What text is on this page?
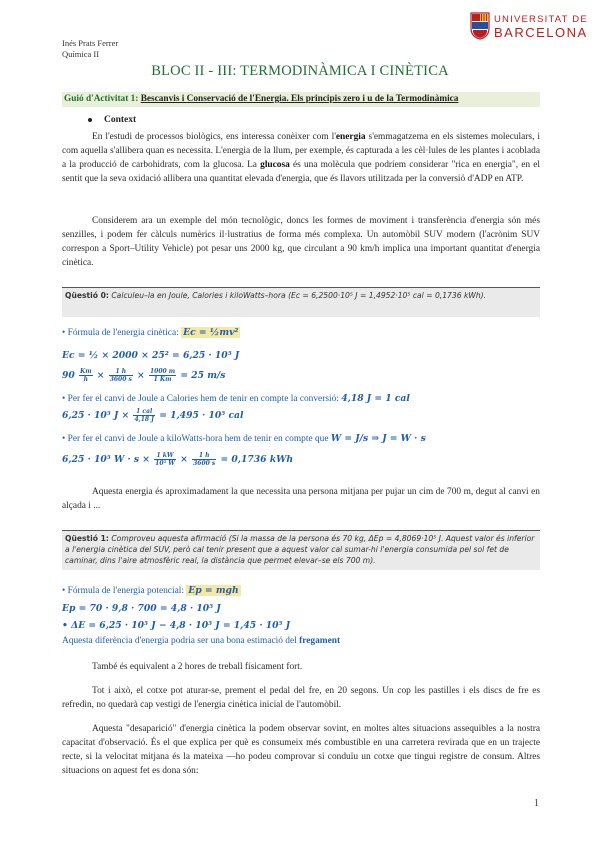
Inés Prats Ferrer
Química II
UNIVERSITAT DE
BARCELONA
BLOC II - III: TERMODINÀMICA I CINÈTICA
Guió d'Activitat 1: Bescanvis i Conservació de l'Energia. Els principis zero i u de la Termodinàmica
Context
En l'estudi de processos biològics, ens interessa conèixer com l'energia s'emmagatzema en els sistemes moleculars, i com aquella s'allibera quan es necessita. L'energia de la llum, per exemple, és capturada a les cèl·lules de les plantes i acoblada a la producció de carbohidrats, com la glucosa. La glucosa és una molècula que podríem considerar "rica en energia", en el sentit que la seva oxidació allibera una quantitat elevada d'energia, que és llavors utilitzada per la conversió d'ADP en ATP.
Considerem ara un exemple del món tecnològic, doncs les formes de moviment i transferència d'energia són més senzilles, i podem fer càlculs numèrics il·lustratius de forma més complexa. Un automòbil SUV modern (l'acrònim SUV correspon a Sport–Utility Vehicle) pot pesar uns 2000 kg, que circulant a 90 km/h implica una important quantitat d'energia cinètica.
Qüestió 0: Calculeu–la en Joule, Calories i kiloWatts–hora (Ec = 6,2500·10⁵ J = 1,4952·10⁵ cal = 0,1736 kWh).
• Fórmula de l'energia cinètica: Ec = ½mv²
Ec = ½ × 2000 × 25² = 6,25 · 10⁵ J
$90 \frac{Km}{h} \times \frac{1 h}{3600 s} \times \frac{1000 m}{1 Km} = 25$ m/s
• Per fer el canvi de Joule a Calories hem de tenir en compte la conversió: 4,18 J = 1 cal
6,25 · 10⁵ $J \times \frac{\text{1 cal}}{4,18 J} = 1,495 \cdot 10^5$ cal
• Per fer el canvi de Joule a kiloWatts-hora hem de tenir en compte que W = J/s ⇒ J = W · s
6,25 · 10⁵ $W \cdot s \times \frac{1 kW}{\text{10³ W}} \times \frac{1 h}{3600 s} = 0,1736$ kWh
Aquesta energia és aproximadament la que necessita una persona mitjana per pujar un cim de 700 m, degut al canvi en alçada i ...
Qüestió 1: Comproveu aquesta afirmació (Si la massa de la persona és 70 kg, ΔEp = 4,8069·10⁵ J. Aquest valor és inferior a l'energia cinètica del SUV, però cal tenir present que a aquest valor cal sumar-hi l'energia consumida pel sol fet de caminar, dins l'aire atmosfèric real, la distància que permet elevar–se els 700 m).
• Fórmula de l'energia potencial: Ep = mgh
Ep = 70 · 9,8 · 700 = 4,8 · 10⁵ J
• ΔE = 6,25 · 10⁵ J − 4,8 · 10⁵ J = 1,45 · 10⁵ J
Aquesta diferència d'energia podria ser una bona estimació del fregament
També és equivalent a 2 hores de treball físicament fort.
Tot i això, el cotxe pot aturar-se, prement el pedal del fre, en 20 segons. Un cop les pastilles i els discs de fre es refredin, no quedarà cap vestigi de l'energia cinètica inicial de l'automòbil.
Aquesta "desaparició" d'energia cinètica la podem observar sovint, en moltes altes situacions assequibles a la nostra capacitat d'observació. És el que explica per què es consumeix més combustible en una carretera revirada que en un trajecte recte, si la velocitat mitjana és la mateixa —ho podeu comprovar si conduïu un cotxe que tingui registre de consum. Altres situacions on aquest fet es dona són:
1
